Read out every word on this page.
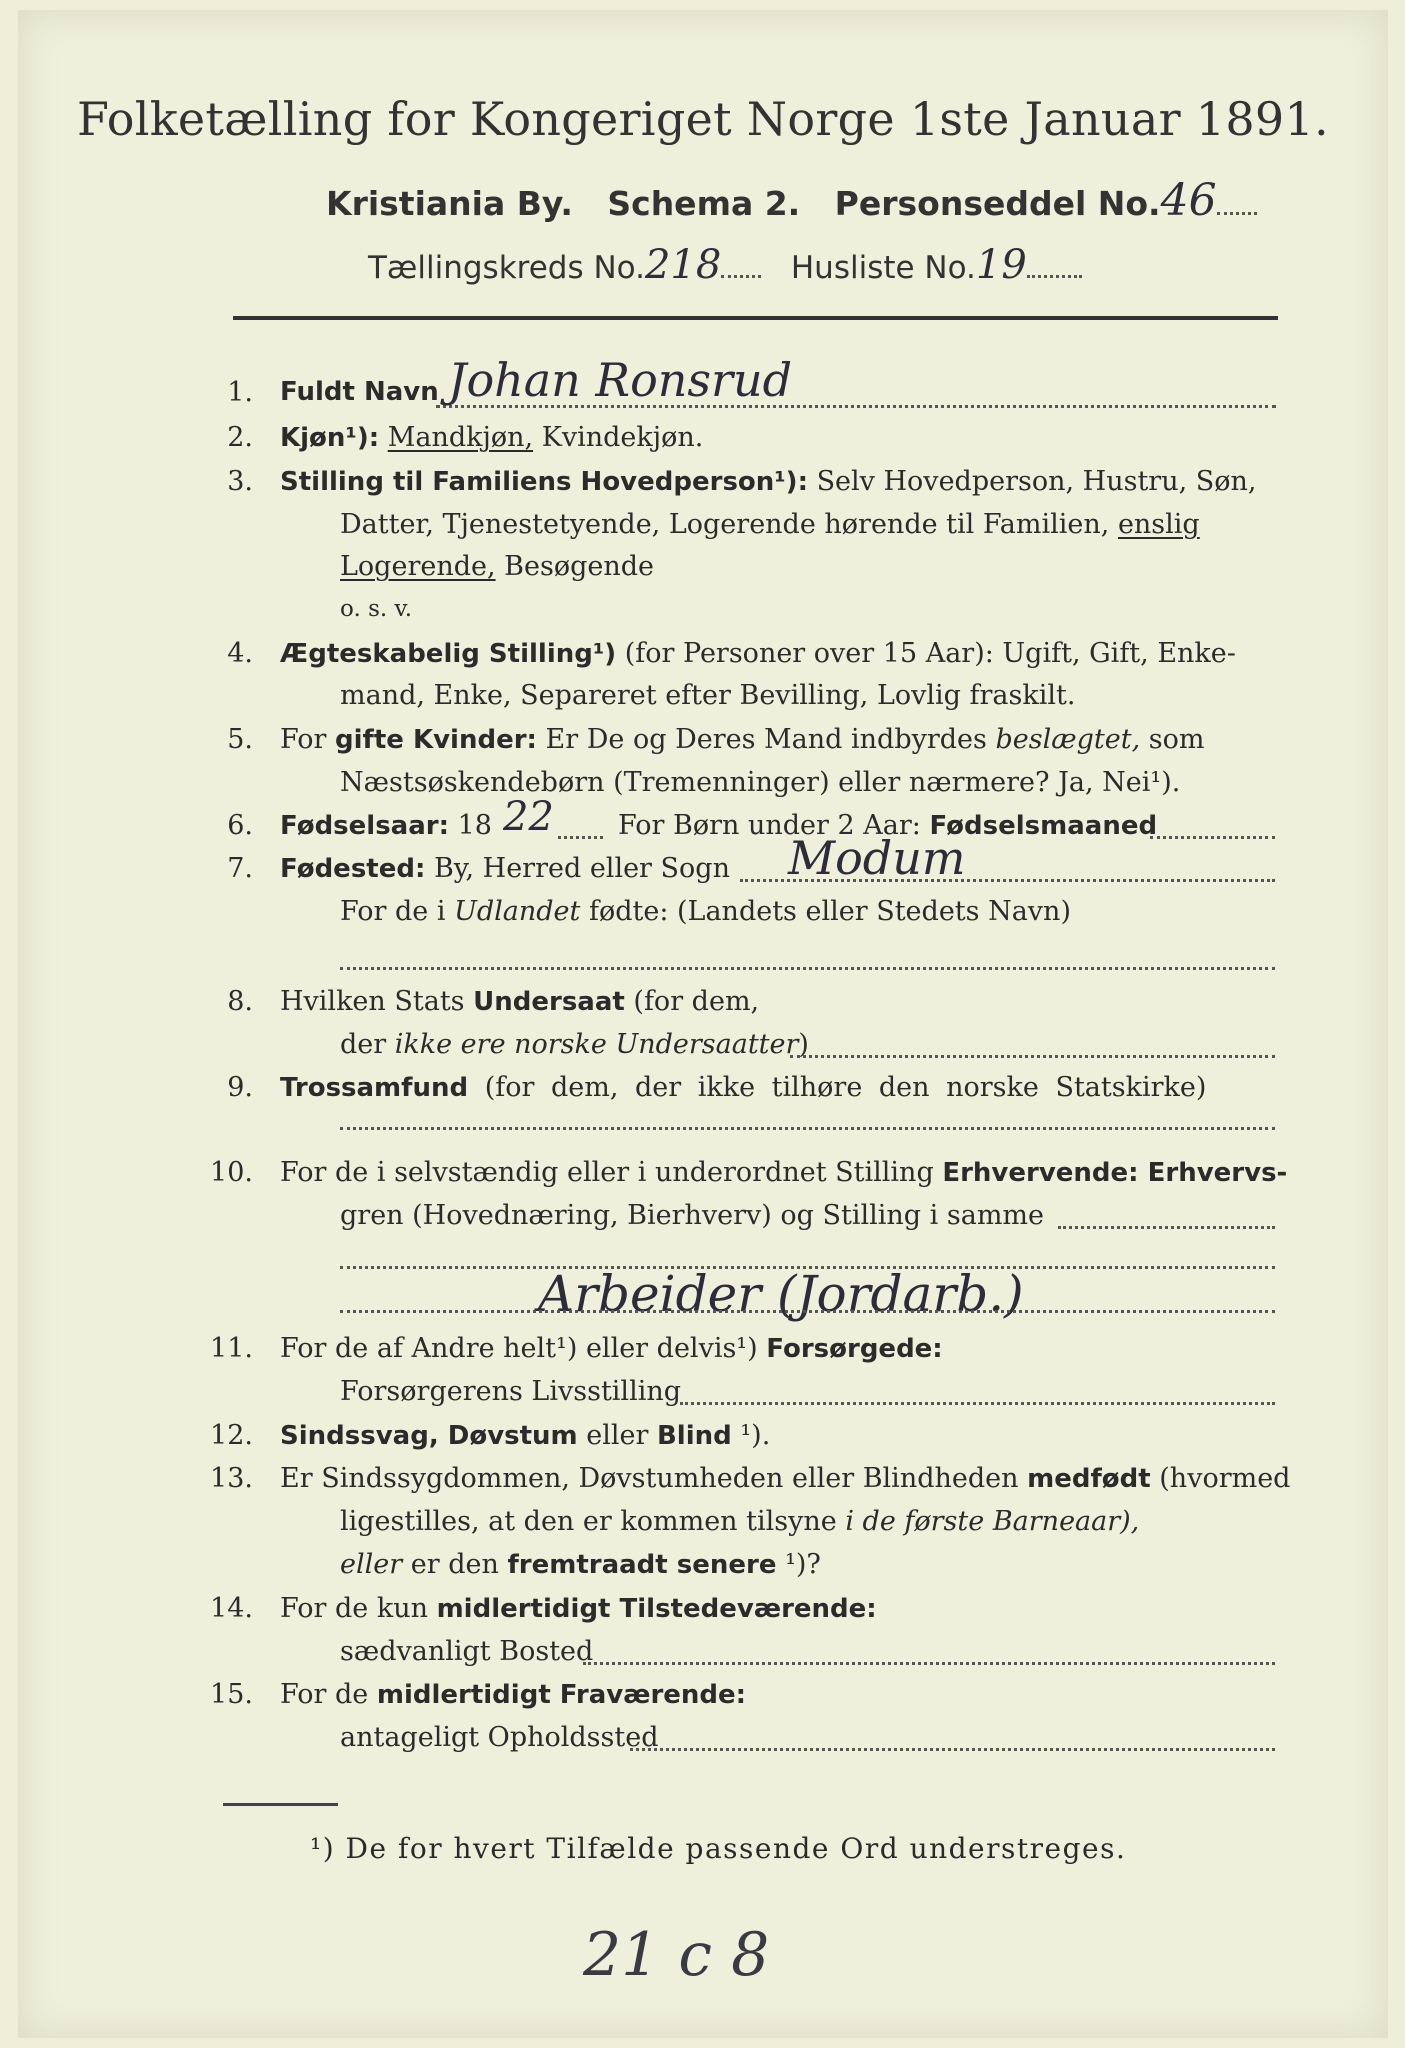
Folketælling for Kongeriget Norge 1ste Januar 1891.
Kristiania By. Schema 2. Personseddel No.46
Tællingskreds No.218 Husliste No.19
1. Fuldt Navn Johan Ronsrud
2. Kjøn¹): Mandkjøn, Kvindekjøn.
3. Stilling til Familiens Hovedperson¹): Selv Hovedperson, Hustru, Søn,
Datter, Tjenestetyende, Logerende hørende til Familien, enslig
Logerende, Besøgende
o. s. v.
4. Ægteskabelig Stilling¹) (for Personer over 15 Aar): Ugift, Gift, Enke-
mand, Enke, Separeret efter Bevilling, Lovlig fraskilt.
5. For gifte Kvinder: Er De og Deres Mand indbyrdes beslægtet, som
Næstsøskendebørn (Tremenninger) eller nærmere? Ja, Nei¹).
6. Fødselsaar: 18 22 For Børn under 2 Aar: Fødselsmaaned
7. Fødested: By, Herred eller Sogn Modum
For de i Udlandet fødte: (Landets eller Stedets Navn)
8. Hvilken Stats Undersaat (for dem,
der ikke ere norske Undersaatter)
9. Trossamfund (for dem, der ikke tilhøre den norske Statskirke)
10. For de i selvstændig eller i underordnet Stilling Erhvervende: Erhvervs-
gren (Hovednæring, Bierhverv) og Stilling i samme
Arbeider (Jordarb.)
11. For de af Andre helt¹) eller delvis¹) Forsørgede:
Forsørgerens Livsstilling
12. Sindssvag, Døvstum eller Blind ¹).
13. Er Sindssygdommen, Døvstumheden eller Blindheden medfødt (hvormed
ligestilles, at den er kommen tilsyne i de første Barneaar),
eller er den fremtraadt senere ¹)?
14. For de kun midlertidigt Tilstedeværende:
sædvanligt Bosted
15. For de midlertidigt Fraværende:
antageligt Opholdssted
¹) De for hvert Tilfælde passende Ord understreges.
21 c 8
